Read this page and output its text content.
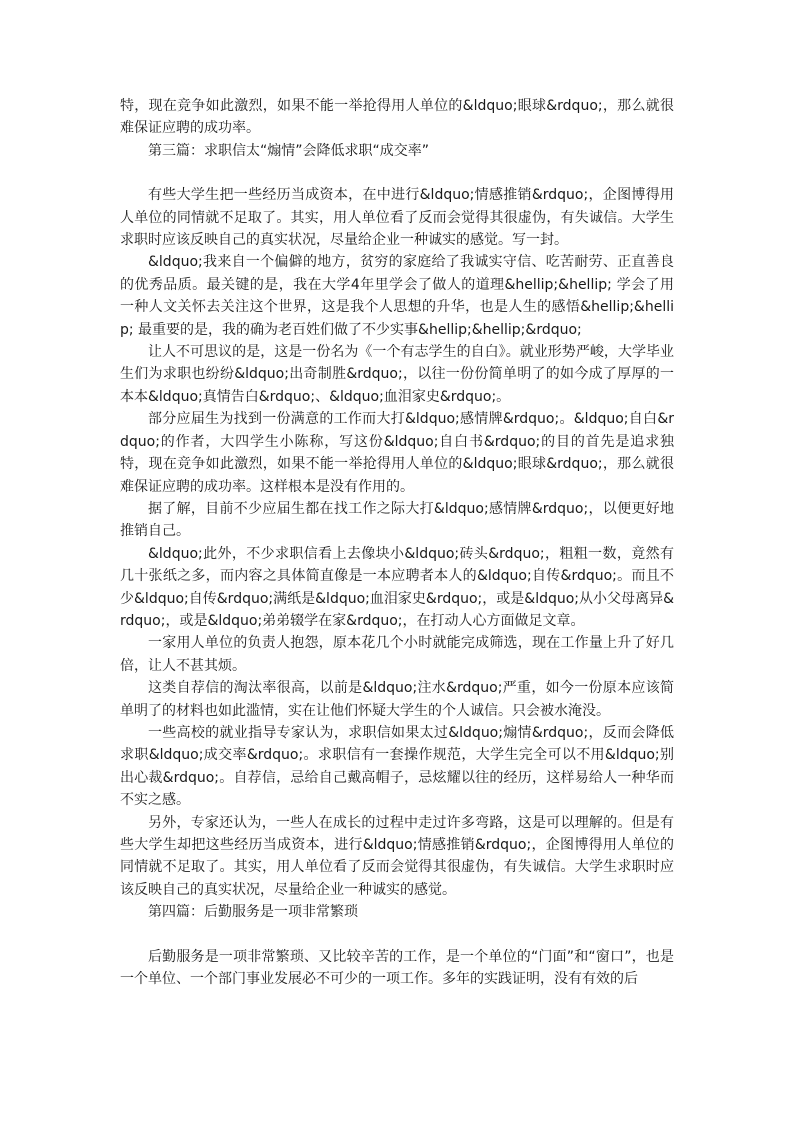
特，现在竞争如此激烈，如果不能一举抢得用人单位的&ldquo;眼球&rdquo;，那么就很难保证应聘的成功率。

第三篇：求职信太“煽情”会降低求职“成交率”

有些大学生把一些经历当成资本，在中进行&ldquo;情感推销&rdquo;，企图博得用人单位的同情就不足取了。其实，用人单位看了反而会觉得其很虚伪，有失诚信。大学生求职时应该反映自己的真实状况，尽量给企业一种诚实的感觉。写一封。

&ldquo;我来自一个偏僻的地方，贫穷的家庭给了我诚实守信、吃苦耐劳、正直善良的优秀品质。最关键的是，我在大学4年里学会了做人的道理&hellip;&hellip; 学会了用一种人文关怀去关注这个世界，这是我个人思想的升华，也是人生的感悟&hellip;&hellip; 最重要的是，我的确为老百姓们做了不少实事&hellip;&hellip;&rdquo;

让人不可思议的是，这是一份名为《一个有志学生的自白》。就业形势严峻，大学毕业生们为求职也纷纷&ldquo;出奇制胜&rdquo;，以往一份份简单明了的如今成了厚厚的一本本&ldquo;真情告白&rdquo;、&ldquo;血泪家史&rdquo;。

部分应届生为找到一份满意的工作而大打&ldquo;感情牌&rdquo;。&ldquo;自白&rdquo;的作者，大四学生小陈称，写这份&ldquo;自白书&rdquo;的目的首先是追求独特，现在竞争如此激烈，如果不能一举抢得用人单位的&ldquo;眼球&rdquo;，那么就很难保证应聘的成功率。这样根本是没有作用的。

据了解，目前不少应届生都在找工作之际大打&ldquo;感情牌&rdquo;，以便更好地推销自己。

&ldquo;此外，不少求职信看上去像块小&ldquo;砖头&rdquo;，粗粗一数，竟然有几十张纸之多，而内容之具体简直像是一本应聘者本人的&ldquo;自传&rdquo;。而且不少&ldquo;自传&rdquo;满纸是&ldquo;血泪家史&rdquo;，或是&ldquo;从小父母离异&rdquo;，或是&ldquo;弟弟辍学在家&rdquo;，在打动人心方面做足文章。

一家用人单位的负责人抱怨，原本花几个小时就能完成筛选，现在工作量上升了好几倍，让人不甚其烦。

这类自荐信的淘汰率很高，以前是&ldquo;注水&rdquo;严重，如今一份原本应该简单明了的材料也如此滥情，实在让他们怀疑大学生的个人诚信。只会被水淹没。

一些高校的就业指导专家认为，求职信如果太过&ldquo;煽情&rdquo;，反而会降低求职&ldquo;成交率&rdquo;。求职信有一套操作规范，大学生完全可以不用&ldquo;别出心裁&rdquo;。自荐信，忌给自己戴高帽子，忌炫耀以往的经历，这样易给人一种华而不实之感。

另外，专家还认为，一些人在成长的过程中走过许多弯路，这是可以理解的。但是有些大学生却把这些经历当成资本，进行&ldquo;情感推销&rdquo;，企图博得用人单位的同情就不足取了。其实，用人单位看了反而会觉得其很虚伪，有失诚信。大学生求职时应该反映自己的真实状况，尽量给企业一种诚实的感觉。

第四篇：后勤服务是一项非常繁琐

后勤服务是一项非常繁琐、又比较辛苦的工作，是一个单位的“门面”和“窗口”，也是一个单位、一个部门事业发展必不可少的一项工作。多年的实践证明，没有有效的后
